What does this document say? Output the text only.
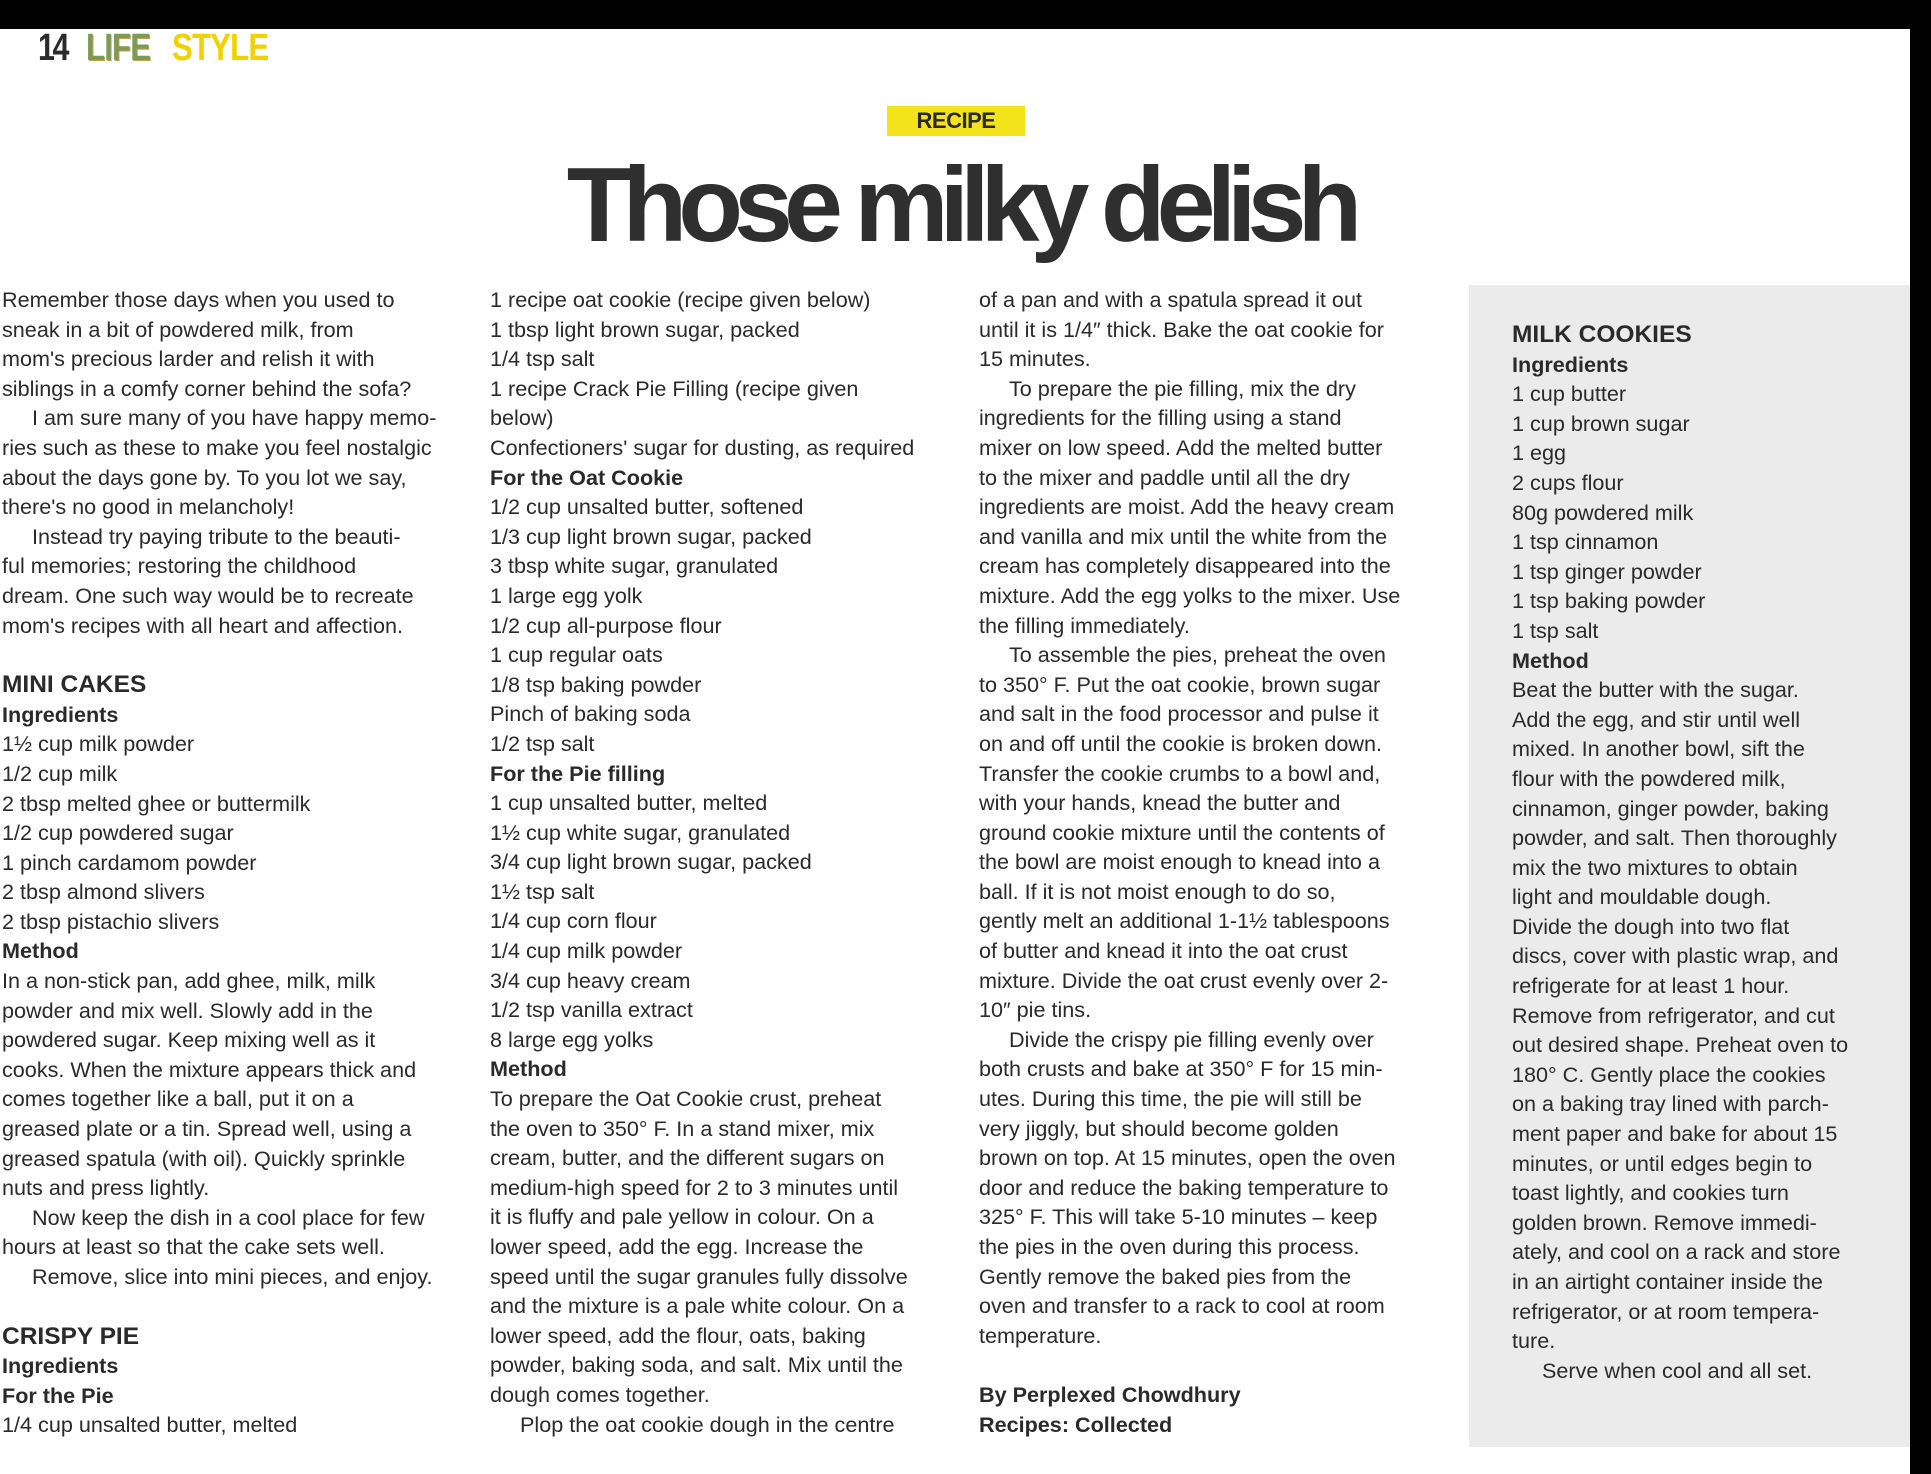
14 LIFE STYLE
RECIPE
Those milky delish
Remember those days when you used to
sneak in a bit of powdered milk, from
mom's precious larder and relish it with
siblings in a comfy corner behind the sofa?
I am sure many of you have happy memo-
ries such as these to make you feel nostalgic
about the days gone by. To you lot we say,
there's no good in melancholy!
Instead try paying tribute to the beauti-
ful memories; restoring the childhood
dream. One such way would be to recreate
mom's recipes with all heart and affection.
MINI CAKES
Ingredients
1½ cup milk powder
1/2 cup milk
2 tbsp melted ghee or buttermilk
1/2 cup powdered sugar
1 pinch cardamom powder
2 tbsp almond slivers
2 tbsp pistachio slivers
Method
In a non-stick pan, add ghee, milk, milk
powder and mix well. Slowly add in the
powdered sugar. Keep mixing well as it
cooks. When the mixture appears thick and
comes together like a ball, put it on a
greased plate or a tin. Spread well, using a
greased spatula (with oil). Quickly sprinkle
nuts and press lightly.
Now keep the dish in a cool place for few
hours at least so that the cake sets well.
Remove, slice into mini pieces, and enjoy.
CRISPY PIE
Ingredients
For the Pie
1/4 cup unsalted butter, melted
1 recipe oat cookie (recipe given below)
1 tbsp light brown sugar, packed
1/4 tsp salt
1 recipe Crack Pie Filling (recipe given
below)
Confectioners' sugar for dusting, as required
For the Oat Cookie
1/2 cup unsalted butter, softened
1/3 cup light brown sugar, packed
3 tbsp white sugar, granulated
1 large egg yolk
1/2 cup all-purpose flour
1 cup regular oats
1/8 tsp baking powder
Pinch of baking soda
1/2 tsp salt
For the Pie filling
1 cup unsalted butter, melted
1½ cup white sugar, granulated
3/4 cup light brown sugar, packed
1½ tsp salt
1/4 cup corn flour
1/4 cup milk powder
3/4 cup heavy cream
1/2 tsp vanilla extract
8 large egg yolks
Method
To prepare the Oat Cookie crust, preheat
the oven to 350° F. In a stand mixer, mix
cream, butter, and the different sugars on
medium-high speed for 2 to 3 minutes until
it is fluffy and pale yellow in colour. On a
lower speed, add the egg. Increase the
speed until the sugar granules fully dissolve
and the mixture is a pale white colour. On a
lower speed, add the flour, oats, baking
powder, baking soda, and salt. Mix until the
dough comes together.
Plop the oat cookie dough in the centre
of a pan and with a spatula spread it out
until it is 1/4″ thick. Bake the oat cookie for
15 minutes.
To prepare the pie filling, mix the dry
ingredients for the filling using a stand
mixer on low speed. Add the melted butter
to the mixer and paddle until all the dry
ingredients are moist. Add the heavy cream
and vanilla and mix until the white from the
cream has completely disappeared into the
mixture. Add the egg yolks to the mixer. Use
the filling immediately.
To assemble the pies, preheat the oven
to 350° F. Put the oat cookie, brown sugar
and salt in the food processor and pulse it
on and off until the cookie is broken down.
Transfer the cookie crumbs to a bowl and,
with your hands, knead the butter and
ground cookie mixture until the contents of
the bowl are moist enough to knead into a
ball. If it is not moist enough to do so,
gently melt an additional 1-1½ tablespoons
of butter and knead it into the oat crust
mixture. Divide the oat crust evenly over 2-
10″ pie tins.
Divide the crispy pie filling evenly over
both crusts and bake at 350° F for 15 min-
utes. During this time, the pie will still be
very jiggly, but should become golden
brown on top. At 15 minutes, open the oven
door and reduce the baking temperature to
325° F. This will take 5-10 minutes – keep
the pies in the oven during this process.
Gently remove the baked pies from the
oven and transfer to a rack to cool at room
temperature.
By Perplexed Chowdhury
Recipes: Collected
MILK COOKIES
Ingredients
1 cup butter
1 cup brown sugar
1 egg
2 cups flour
80g powdered milk
1 tsp cinnamon
1 tsp ginger powder
1 tsp baking powder
1 tsp salt
Method
Beat the butter with the sugar.
Add the egg, and stir until well
mixed. In another bowl, sift the
flour with the powdered milk,
cinnamon, ginger powder, baking
powder, and salt. Then thoroughly
mix the two mixtures to obtain
light and mouldable dough.
Divide the dough into two flat
discs, cover with plastic wrap, and
refrigerate for at least 1 hour.
Remove from refrigerator, and cut
out desired shape. Preheat oven to
180° C. Gently place the cookies
on a baking tray lined with parch-
ment paper and bake for about 15
minutes, or until edges begin to
toast lightly, and cookies turn
golden brown. Remove immedi-
ately, and cool on a rack and store
in an airtight container inside the
refrigerator, or at room tempera-
ture.
Serve when cool and all set.
